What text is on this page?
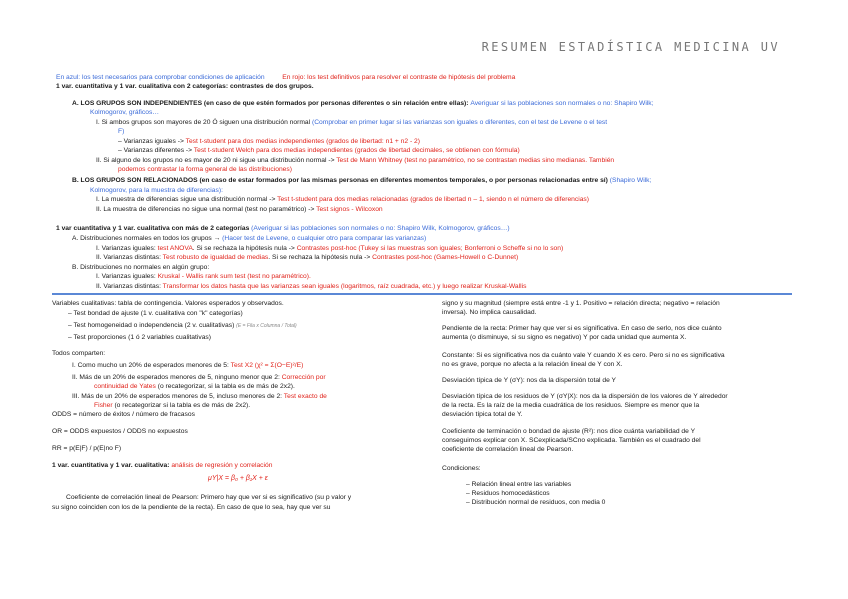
RESUMEN ESTADÍSTICA MEDICINA UV
En azul: los test necesarios para comprobar condiciones de aplicación	En rojo: los test definitivos para resolver el contraste de hipótesis del problema
1 var. cuantitativa y 1 var. cualitativa con 2 categorías: contrastes de dos grupos.
A. LOS GRUPOS SON INDEPENDIENTES (en caso de que estén formados por personas diferentes o sin relación entre ellas): Averiguar si las poblaciones son normales o no: Shapiro Wilk;
Kolmogorov, gráficos…
I. Si ambos grupos son mayores de 20 Ó siguen una distribución normal (Comprobar en primer lugar si las varianzas son iguales o diferentes, con el test de Levene o el test
F)
– Varianzas iguales -> Test t-student para dos medias independientes (grados de libertad: n1 + n2 - 2)
– Varianzas diferentes -> Test t-student Welch para dos medias independientes (grados de libertad decimales, se obtienen con fórmula)
II. Si alguno de los grupos no es mayor de 20 ni sigue una distribución normal -> Test de Mann Whitney (test no paramétrico, no se contrastan medias sino medianas. También
podemos contrastar la forma general de las distribuciones)
B. LOS GRUPOS SON RELACIONADOS (en caso de estar formados por las mismas personas en diferentes momentos temporales, o por personas relacionadas entre sí) (Shapiro Wilk;
Kolmogorov, para la muestra de diferencias):
I. La muestra de diferencias sigue una distribución normal -> Test t-student para dos medias relacionadas (grados de libertad n – 1, siendo n el número de diferencias)
II. La muestra de diferencias no sigue una normal (test no paramétrico) -> Test signos - Wilcoxon
1 var cuantitativa y 1 var. cualitativa con más de 2 categorías (Averiguar si las poblaciones son normales o no: Shapiro Wilk, Kolmogorov, gráficos…)
A. Distribuciones normales en todos los grupos → (Hacer test de Levene, o cualquier otro para comparar las varianzas)
I. Varianzas iguales: test ANOVA. Si se rechaza la hipótesis nula -> Contrastes post-hoc (Tukey si las muestras son iguales; Bonferroni o Scheffe si no lo son)
II. Varianzas distintas: Test robusto de igualdad de medias. Si se rechaza la hipótesis nula -> Contrastes post-hoc (Games-Howell o C-Dunnet)
B. Distribuciones no normales en algún grupo:
I. Varianzas iguales: Kruskal - Wallis rank sum test (test no paramétrico).
II. Varianzas distintas: Transformar los datos hasta que las varianzas sean iguales (logaritmos, raíz cuadrada, etc.) y luego realizar Kruskal-Wallis
Variables cualitativas: tabla de contingencia. Valores esperados y observados.
– Test bondad de ajuste (1 v. cualitativa con "k" categorías)
– Test homogeneidad o independencia (2 v. cualitativas) (E = Fila x Columna / Total)
– Test proporciones (1 ó 2 variables cualitativas)
Todos comparten:
I. Como mucho un 20% de esperados menores de 5: Test X2 (χ² = Σ(O−E)²/E)
II. Más de un 20% de esperados menores de 5, ninguno menor que 2: Corrección por
continuidad de Yates (o recategorizar, si la tabla es de más de 2x2).
III. Más de un 20% de esperados menores de 5, incluso menores de 2: Test exacto de
Fisher (o recategorizar si la tabla es de más de 2x2).
ODDS = número de éxitos / número de fracasos
OR = ODDS expuestos / ODDS no expuestos
RR = p(E|F) / p(E|no F)
1 var. cuantitativa y 1 var. cualitativa: análisis de regresión y correlación
μY|X = β₀ + β₁X + ε
Coeficiente de correlación lineal de Pearson: Primero hay que ver si es significativo (su p valor y
su signo coinciden con los de la pendiente de la recta). En caso de que lo sea, hay que ver su
signo y su magnitud (siempre está entre -1 y 1. Positivo = relación directa; negativo = relación
inversa). No implica causalidad.
Pendiente de la recta: Primer hay que ver si es significativa. En caso de serlo, nos dice cuánto
aumenta (o disminuye, si su signo es negativo) Y por cada unidad que aumenta X.
Constante: Si es significativa nos da cuánto vale Y cuando X es cero. Pero si no es significativa
no es grave, porque no afecta a la relación lineal de Y con X.
Desviación típica de Y (σY): nos da la dispersión total de Y
Desviación típica de los residuos de Y (σY|X): nos da la dispersión de los valores de Y alrededor
de la recta. Es la raíz de la media cuadrática de los residuos. Siempre es menor que la
desviación típica total de Y.
Coeficiente de terminación o bondad de ajuste (R²): nos dice cuánta variabilidad de Y
conseguimos explicar con X. SCexplicada/SCno explicada. También es el cuadrado del
coeficiente de correlación lineal de Pearson.
Condiciones:
– Relación lineal entre las variables
– Residuos homocedásticos
– Distribución normal de residuos, con media 0
